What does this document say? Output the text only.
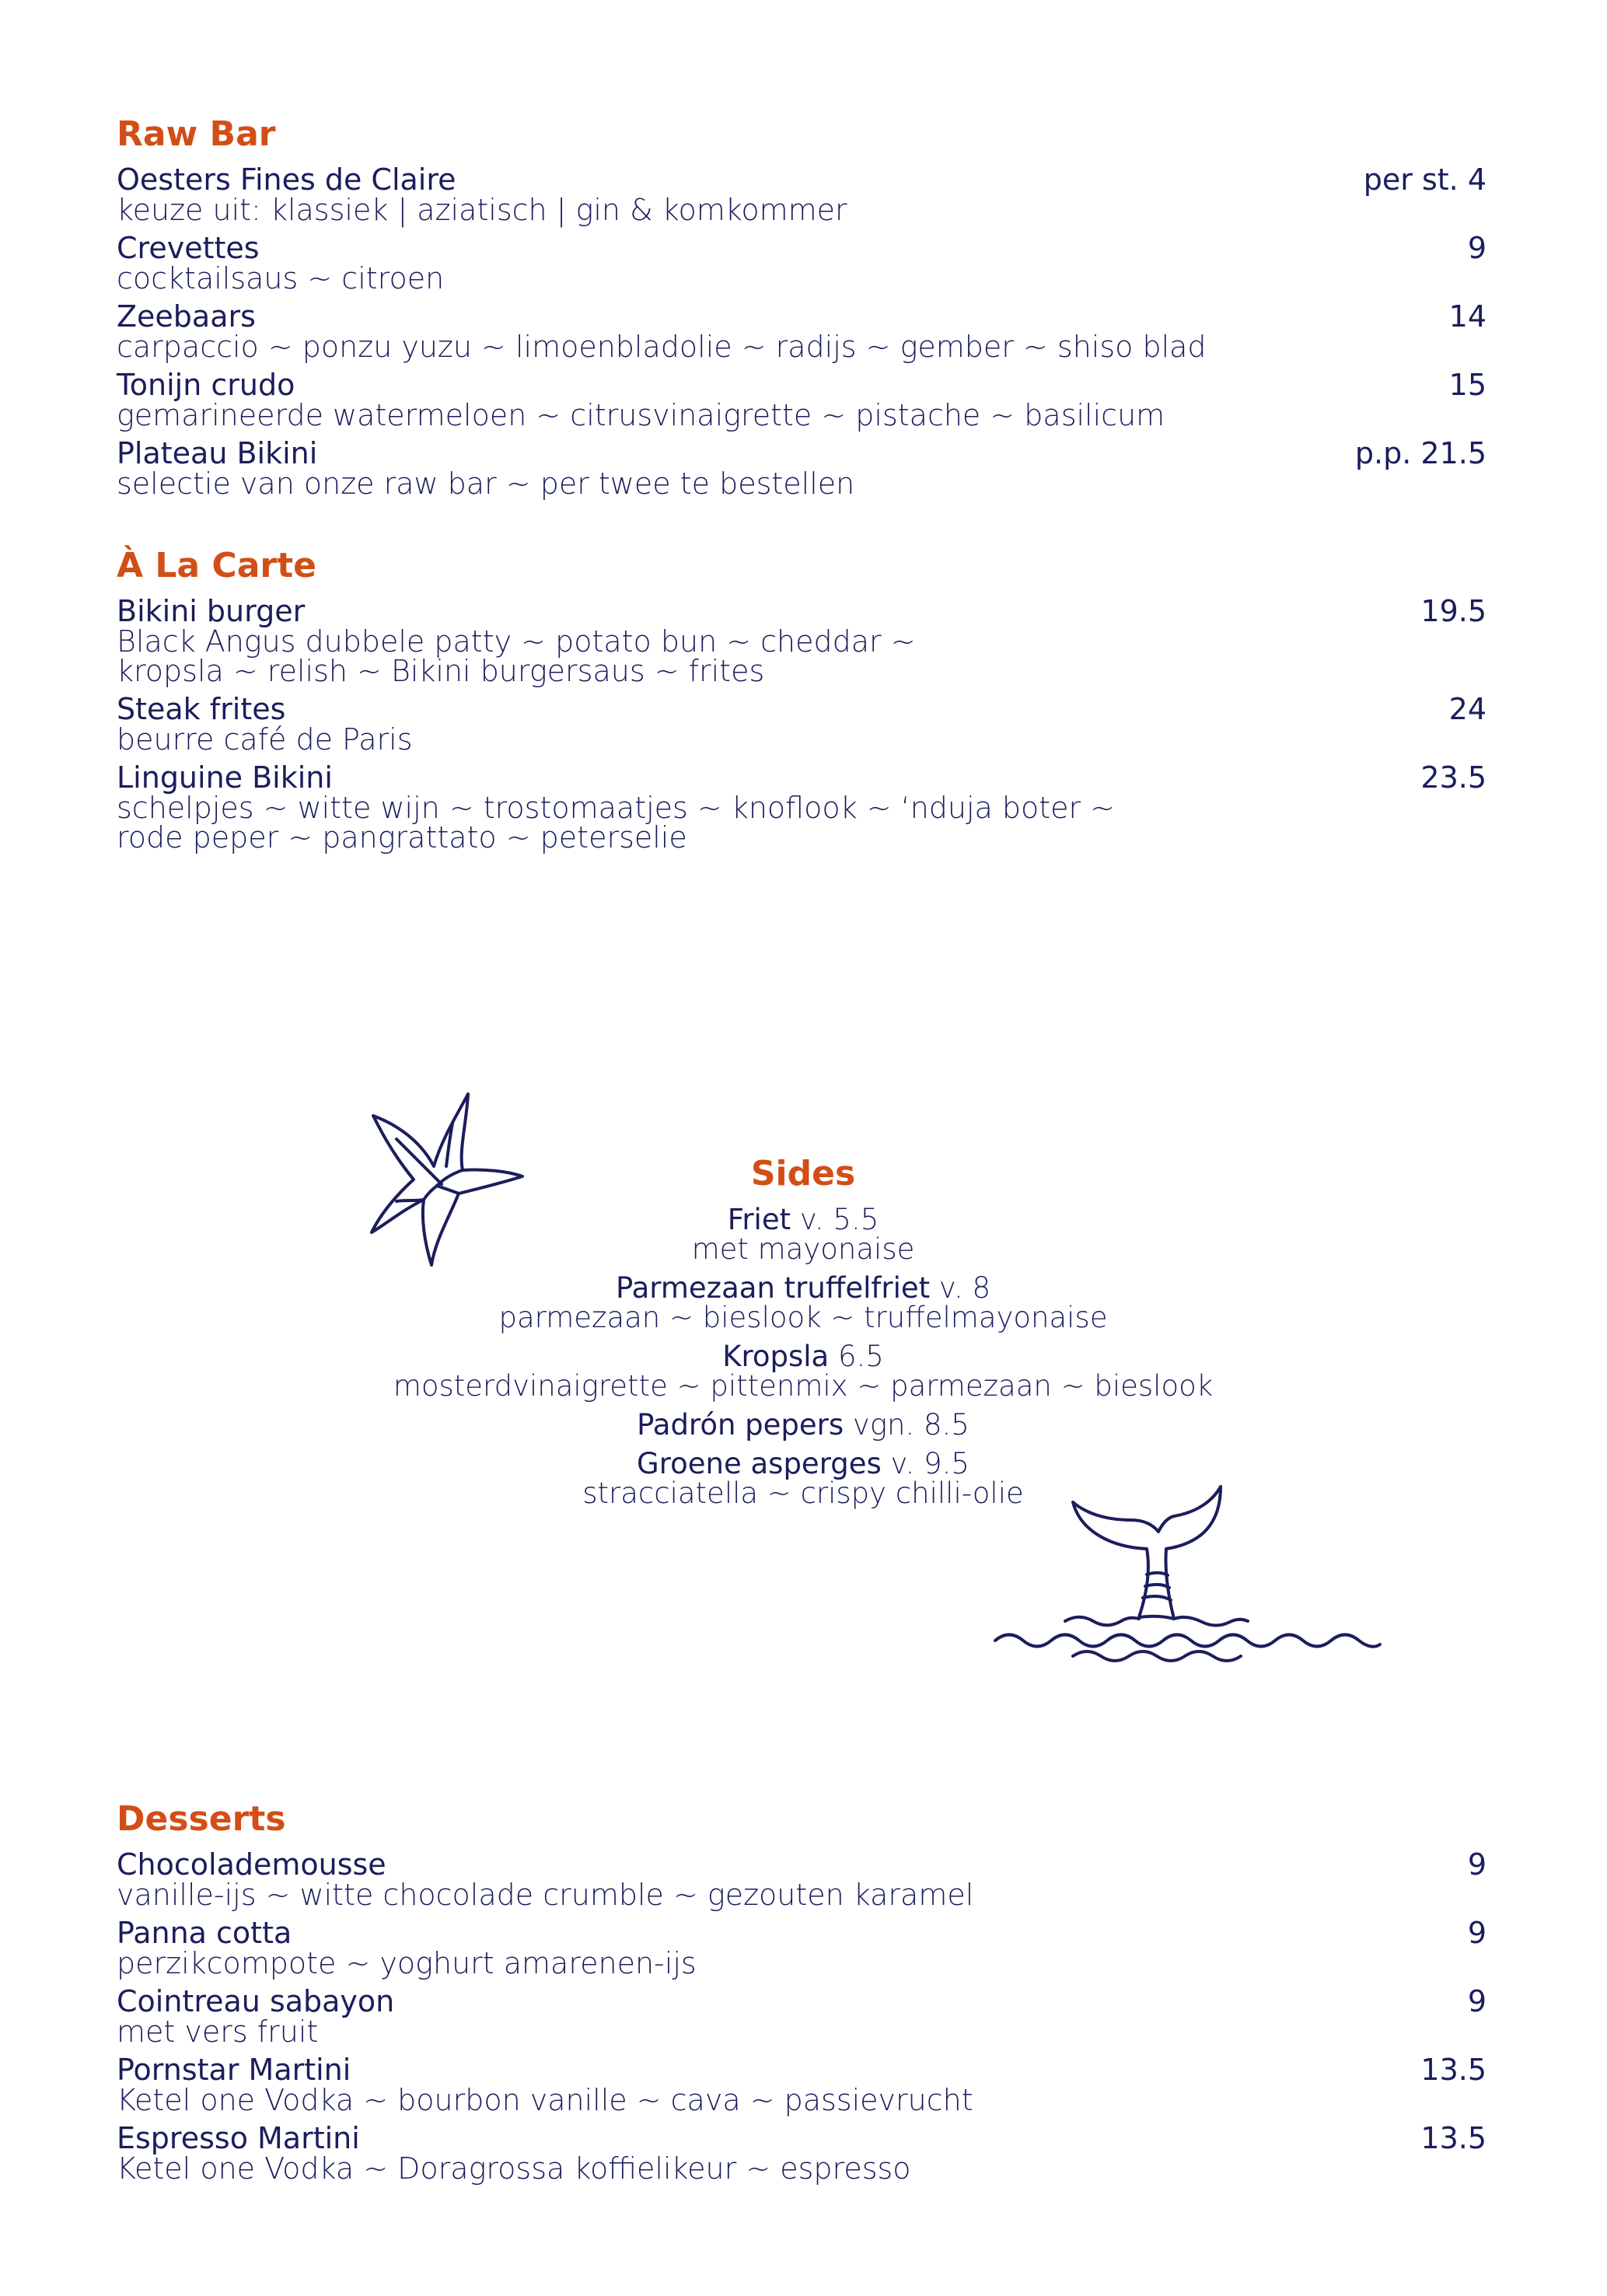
Raw Bar
Oesters Fines de Claire	per st. 4
keuze uit: klassiek | aziatisch | gin & komkommer
Crevettes	9
cocktailsaus ~ citroen
Zeebaars	14
carpaccio ~ ponzu yuzu ~ limoenbladolie ~ radijs ~ gember ~ shiso blad
Tonijn crudo	15
gemarineerde watermeloen ~ citrusvinaigrette ~ pistache ~ basilicum
Plateau Bikini	p.p. 21.5
selectie van onze raw bar ~ per twee te bestellen
À La Carte
Bikini burger	19.5
Black Angus dubbele patty ~ potato bun ~ cheddar ~
kropsla ~ relish ~ Bikini burgersaus ~ frites
Steak frites	24
beurre café de Paris
Linguine Bikini	23.5
schelpjes ~ witte wijn ~ trostomaatjes ~ knoflook ~ ‘nduja boter ~
rode peper ~ pangrattato ~ peterselie
Sides
Friet v. 5.5
met mayonaise
Parmezaan truffelfriet v. 8
parmezaan ~ bieslook ~ truffelmayonaise
Kropsla 6.5
mosterdvinaigrette ~ pittenmix ~ parmezaan ~ bieslook
Padrón pepers vgn. 8.5
Groene asperges v. 9.5
stracciatella ~ crispy chilli-olie
Desserts
Chocolademousse	9
vanille-ijs ~ witte chocolade crumble ~ gezouten karamel
Panna cotta	9
perzikcompote ~ yoghurt amarenen-ijs
Cointreau sabayon	9
met vers fruit
Pornstar Martini	13.5
Ketel one Vodka ~ bourbon vanille ~ cava ~ passievrucht
Espresso Martini	13.5
Ketel one Vodka ~ Doragrossa koffielikeur ~ espresso
